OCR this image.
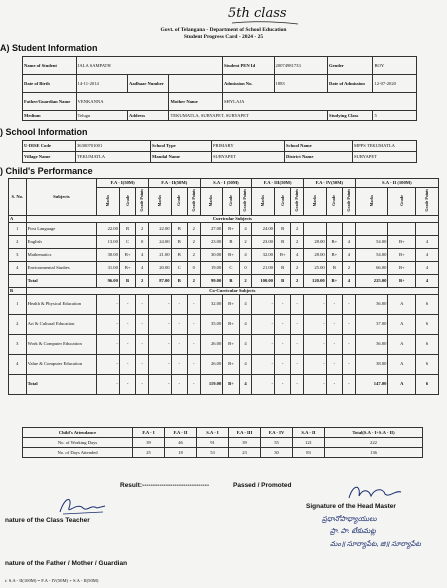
5th class
Govt. of Telangana - Department of School Education
Student Progress Card - 2024 - 25
A) Student Information
Name of Student	JALA SAMPATH			Student PEN Id	20074981733	Gender	BOY
Date of Birth	14-11-2014	Aadhaar Number		Admission No.	1883	Date of Admission	12-07-2020
Father/Guardian Name	VENKANNA		Mother Name	SHYLAJA			
Medium	Telugu	Address	TEKUMATLA, SURYAPET, SURYAPET			Studying Class	5
) School Information
U-DISE Code	36300701001	School Type	PRIMARY	School Name	MPPS TEKUMATLA
Village Name	TEKUMATLA	Mandal Name	SURYAPET	District Name	SURYAPET
) Child's Performance
S. No.	Subjects	F.A - I(50M)			F.A - II(50M)			S.A - I (50M)			F.A - III(50M)			F.A - IV(50M)			S.A - II (100M)		
		Marks	Grade	Grade Points	Marks	Grade	Grade Points	Marks	Grade	Grade Points	Marks	Grade	Grade Points	Marks	Grade	Grade Points	Marks	Grade	Grade Points
A	Curricular Subjects																		
1	First Language	22.00	B	2	22.00	B	2	27.00	B+	4	24.00	B	2						
2	English	13.00	C	0	24.00	B	2	23.00	B	2	23.00	B	2	28.00	B+	4	54.00	B+	4
3	Mathematics	30.00	B+	4	21.00	B	2	30.00	B+	4	32.00	B+	4	28.00	B+	4	54.00	B+	4
4	Environmental Studies	31.00	B+	4	20.00	C	0	19.00	C	0	21.00	B	2	25.00	B	2	66.00	B+	4
	Total	96.00	B	2	87.00	B	2	99.00	B	2	100.00	B	2	120.00	B+	4	225.00	B+	4
B	Co-Curricular Subjects																		
1	Health & Physical Education	-	-	-	-	-	-	32.00	B+	4	-	-	-	-	-	-	36.00	A	6
2	Art & Cultural Education	-	-	-	-	-	-	35.00	B+	4	-	-	-	-	-	-	37.00	A	6
3	Work & Computer Education	-	-	-	-	-	-	26.00	B+	4	-	-	-	-	-	-	36.00	A	6
4	Value & Computer Education	-	-	-	-	-	-	26.00	B+	4	-	-	-	-	-	-	38.00	A	6
	Total	-	-	-	-	-	-	119.00	B+	4	-	-	-	-	-	-	147.00	A	6
Child's Attendance	F.A - I	F.A - II	S.A - I	F.A - III	F.A - IV	S.A - II	Total(S.A - I+S.A - II)
No. of Working Days	39	46	91	39	55	121	222
No. of Days Attended	25	18	53	23	30	83	136
Result:-------------------------------	Passed / Promoted
nature of the Class Teacher
Signature of the Head Master
ప్రధానోపాధ్యాయులు
ప్రా. పా. టేకుమట్ల
మం॥ సూర్యాపేట, జి॥ సూర్యాపేట
nature of the Father / Mother / Guardian
i: S.A - II(100M) = F.A - IV(50M) + S.A - II(50M)
